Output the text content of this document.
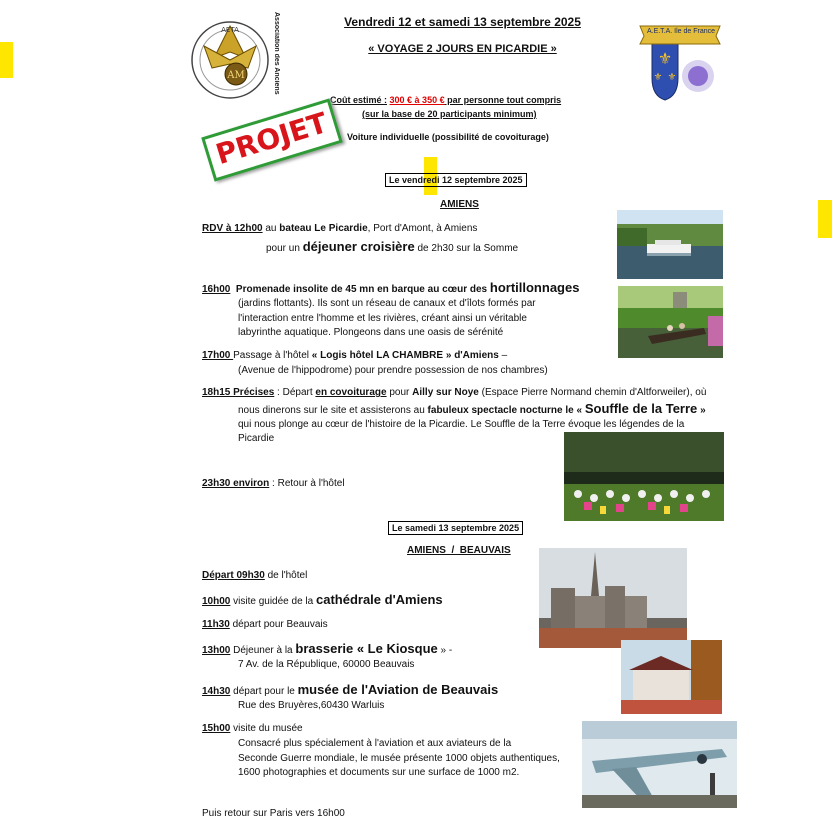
AM
AETA	Association des Anciens	⚜
⚜ ⚜
A.E.T.A. Ile de France
Vendredi 12 et samedi 13 septembre 2025
« VOYAGE 2 JOURS EN PICARDIE »
Coût estimé : 300 € à 350 € par personne tout compris
(sur la base de 20 participants minimum)
Voiture individuelle (possibilité de covoiturage)
PROJET
Le vendredi 12 septembre 2025
AMIENS
RDV à 12h00 au bateau Le Picardie, Port d'Amont, à Amiens
pour un déjeuner croisière de 2h30 sur la Somme
16h00 Promenade insolite de 45 mn en barque au cœur des hortillonnages
(jardins flottants). Ils sont un réseau de canaux et d'îlots formés par
l'interaction entre l'homme et les rivières, créant ainsi un véritable
labyrinthe aquatique. Plongeons dans une oasis de sérénité
17h00 Passage à l'hôtel « Logis hôtel LA CHAMBRE » d'Amiens –
(Avenue de l'hippodrome) pour prendre possession de nos chambres)
18h15 Précises : Départ en covoiturage pour Ailly sur Noye (Espace Pierre Normand chemin d'Altforweiler), où
nous dinerons sur le site et assisterons au fabuleux spectacle nocturne le « Souffle de la Terre »
qui nous plonge au cœur de l'histoire de la Picardie. Le Souffle de la Terre évoque les légendes de la
Picardie
23h30 environ : Retour à l'hôtel
Le samedi 13 septembre 2025
AMIENS  /  BEAUVAIS
Départ 09h30 de l'hôtel
10h00 visite guidée de la cathédrale d'Amiens
11h30 départ pour Beauvais
13h00 Déjeuner à la brasserie « Le Kiosque » -
7 Av. de la République, 60000 Beauvais
14h30 départ pour le musée de l'Aviation de Beauvais
Rue des Bruyères,60430 Warluis
15h00 visite du musée
Consacré plus spécialement à l'aviation et aux aviateurs de la
Seconde Guerre mondiale, le musée présente 1000 objets authentiques,
1600 photographies et documents sur une surface de 1000 m2.
Puis retour sur Paris vers 16h00
